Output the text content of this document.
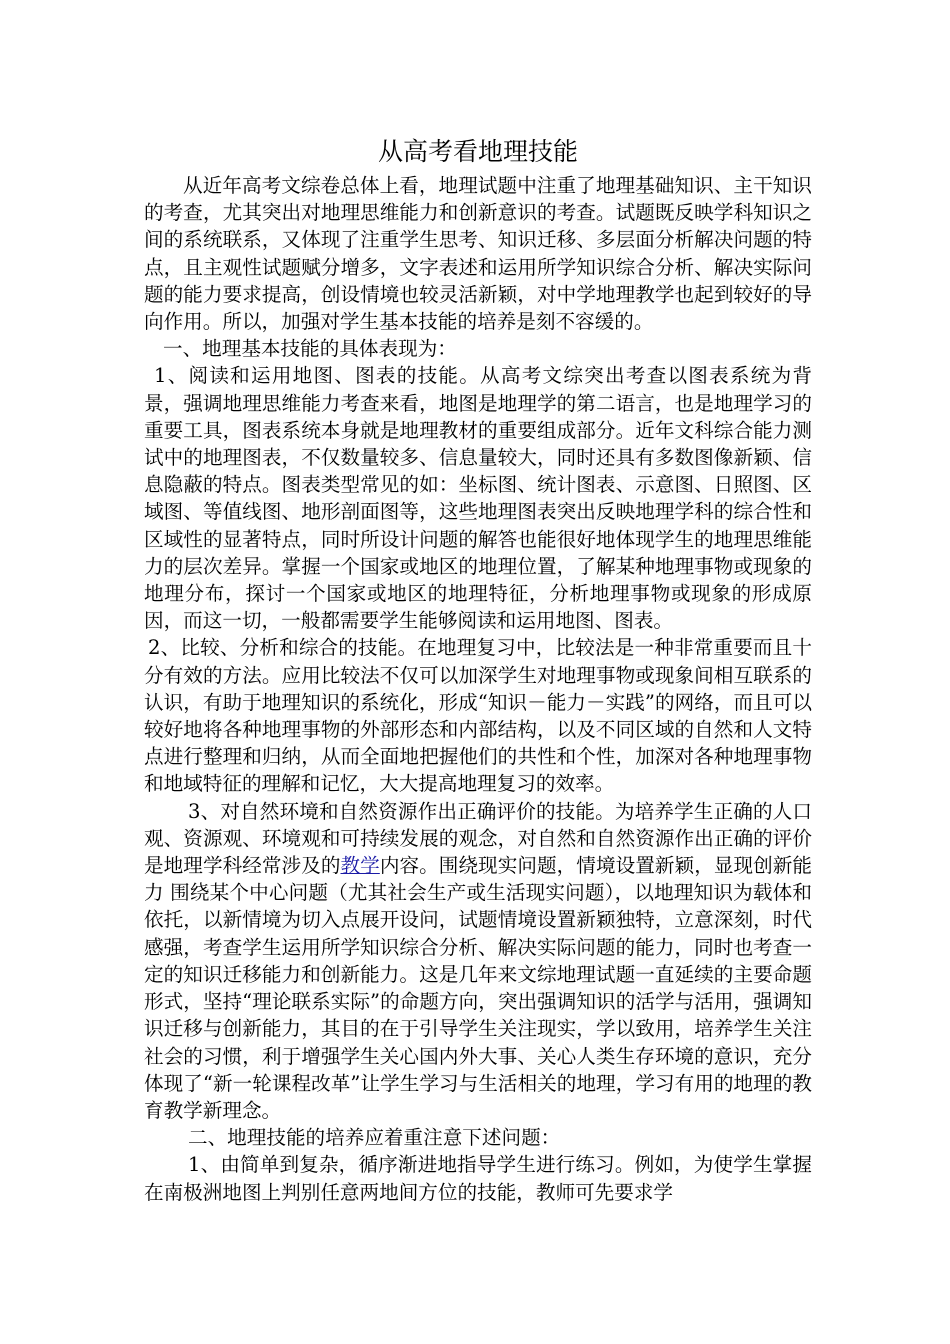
从高考看地理技能

从近年高考文综卷总体上看，地理试题中注重了地理基础知识、主干知识的考查，尤其突出对地理思维能力和创新意识的考查。试题既反映学科知识之间的系统联系，又体现了注重学生思考、知识迁移、多层面分析解决问题的特点，且主观性试题赋分增多，文字表述和运用所学知识综合分析、解决实际问题的能力要求提高，创设情境也较灵活新颖，对中学地理教学也起到较好的导向作用。所以，加强对学生基本技能的培养是刻不容缓的。

一、地理基本技能的具体表现为：

1、阅读和运用地图、图表的技能。从高考文综突出考查以图表系统为背景，强调地理思维能力考查来看，地图是地理学的第二语言，也是地理学习的重要工具，图表系统本身就是地理教材的重要组成部分。近年文科综合能力测试中的地理图表，不仅数量较多、信息量较大，同时还具有多数图像新颖、信息隐蔽的特点。图表类型常见的如：坐标图、统计图表、示意图、日照图、区域图、等值线图、地形剖面图等，这些地理图表突出反映地理学科的综合性和区域性的显著特点，同时所设计问题的解答也能很好地体现学生的地理思维能力的层次差异。掌握一个国家或地区的地理位置，了解某种地理事物或现象的地理分布，探讨一个国家或地区的地理特征，分析地理事物或现象的形成原因，而这一切，一般都需要学生能够阅读和运用地图、图表。

2、比较、分析和综合的技能。在地理复习中，比较法是一种非常重要而且十分有效的方法。应用比较法不仅可以加深学生对地理事物或现象间相互联系的认识，有助于地理知识的系统化，形成“知识－能力－实践”的网络，而且可以较好地将各种地理事物的外部形态和内部结构，以及不同区域的自然和人文特点进行整理和归纳，从而全面地把握他们的共性和个性，加深对各种地理事物和地域特征的理解和记忆，大大提高地理复习的效率。

3、对自然环境和自然资源作出正确评价的技能。为培养学生正确的人口观、资源观、环境观和可持续发展的观念，对自然和自然资源作出正确的评价是地理学科经常涉及的教学内容。围绕现实问题，情境设置新颖，显现创新能力 围绕某个中心问题（尤其社会生产或生活现实问题），以地理知识为载体和依托，以新情境为切入点展开设问，试题情境设置新颖独特，立意深刻，时代感强，考查学生运用所学知识综合分析、解决实际问题的能力，同时也考查一定的知识迁移能力和创新能力。这是几年来文综地理试题一直延续的主要命题形式，坚持“理论联系实际”的命题方向，突出强调知识的活学与活用，强调知识迁移与创新能力，其目的在于引导学生关注现实，学以致用，培养学生关注社会的习惯，利于增强学生关心国内外大事、关心人类生存环境的意识，充分体现了“新一轮课程改革”让学生学习与生活相关的地理，学习有用的地理的教育教学新理念。

二、地理技能的培养应着重注意下述问题：

1、由简单到复杂，循序渐进地指导学生进行练习。例如，为使学生掌握在南极洲地图上判别任意两地间方位的技能，教师可先要求学
